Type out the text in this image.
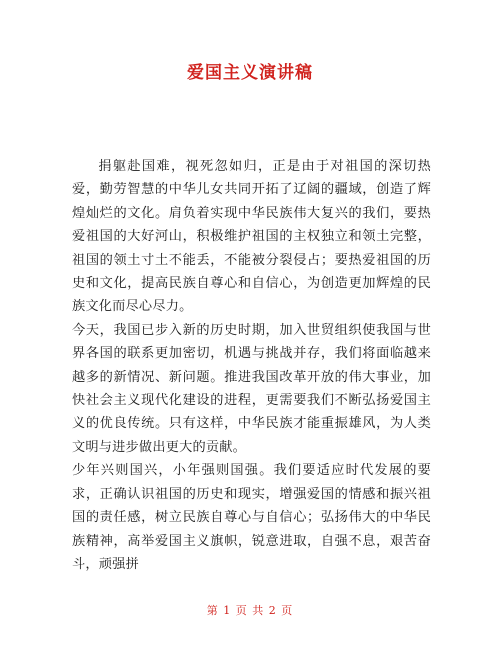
爱国主义演讲稿

捐躯赴国难，视死忽如归，正是由于对祖国的深切热爱，勤劳智慧的中华儿女共同开拓了辽阔的疆域，创造了辉煌灿烂的文化。肩负着实现中华民族伟大复兴的我们，要热爱祖国的大好河山，积极维护祖国的主权独立和领土完整，祖国的领土寸土不能丢，不能被分裂侵占；要热爱祖国的历史和文化，提高民族自尊心和自信心，为创造更加辉煌的民族文化而尽心尽力。

今天，我国已步入新的历史时期，加入世贸组织使我国与世界各国的联系更加密切，机遇与挑战并存，我们将面临越来越多的新情况、新问题。推进我国改革开放的伟大事业，加快社会主义现代化建设的进程，更需要我们不断弘扬爱国主义的优良传统。只有这样，中华民族才能重振雄风，为人类文明与进步做出更大的贡献。

少年兴则国兴，小年强则国强。我们要适应时代发展的要求，正确认识祖国的历史和现实，增强爱国的情感和振兴祖国的责任感，树立民族自尊心与自信心；弘扬伟大的中华民族精神，高举爱国主义旗帜，锐意进取，自强不息，艰苦奋斗，顽强拼

第 1 页 共 2 页
